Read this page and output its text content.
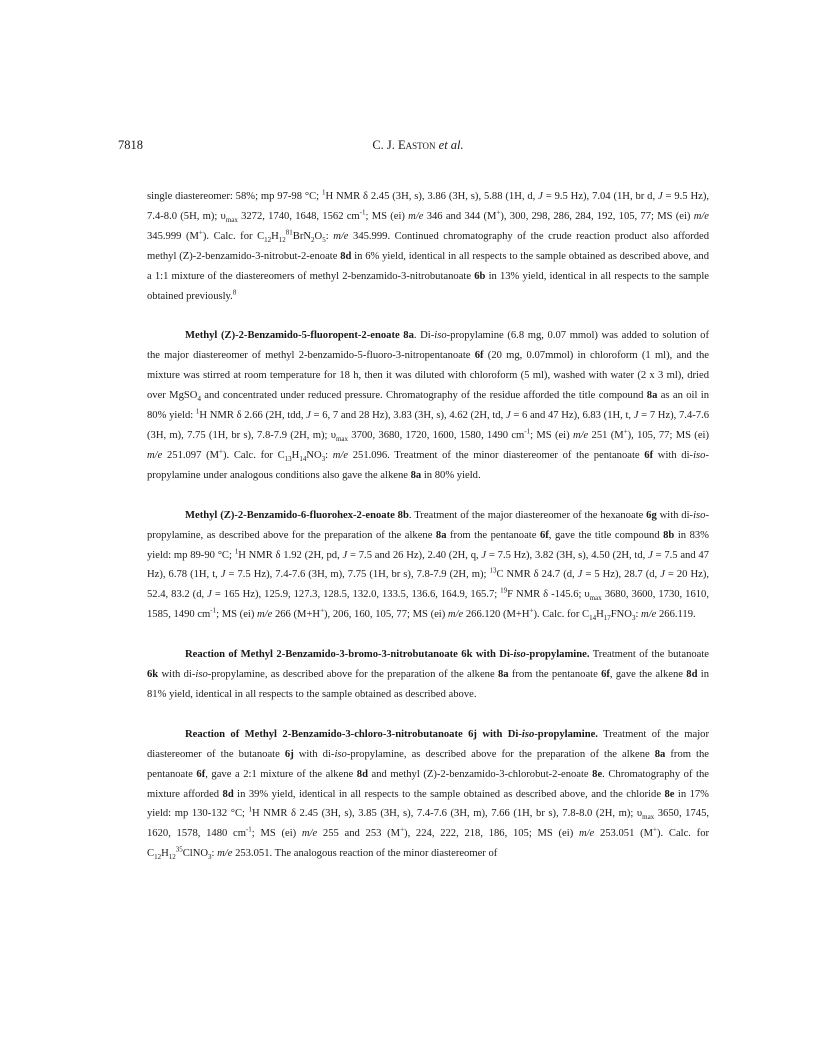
7818	C. J. Easton et al.

single diastereomer: 58%; mp 97-98 °C; $^1$H NMR δ 2.45 (3H, s), 3.86 (3H, s), 5.88 (1H, d, J = 9.5 Hz), 7.04 (1H, br d, J = 9.5 Hz), 7.4-8.0 (5H, m); $\upsilon_{max}$ 3272, 1740, 1648, 1562 $cm^{-1}$; MS (ei) m/e 346 and 344 (M+), 300, 298, 286, 284, 192, 105, 77; MS (ei) m/e 345.999 (M+). Calc. for $C_{12}H_{12}^{81}BrN_2O_5$: m/e 345.999. Continued chromatography of the crude reaction product also afforded methyl (Z)-2-benzamido-3-nitrobut-2-enoate 8d in 6% yield, identical in all respects to the sample obtained as described above, and a 1:1 mixture of the diastereomers of methyl 2-benzamido-3-nitrobutanoate 6b in 13% yield, identical in all respects to the sample obtained previously.$^8$

Methyl (Z)-2-Benzamido-5-fluoropent-2-enoate 8a. Di-iso-propylamine (6.8 mg, 0.07 mmol) was added to solution of the major diastereomer of methyl 2-benzamido-5-fluoro-3-nitropentanoate 6f (20 mg, 0.07mmol) in chloroform (1 ml), and the mixture was stirred at room temperature for 18 h, then it was diluted with chloroform (5 ml), washed with water (2 x 3 ml), dried over MgSO$_4$ and concentrated under reduced pressure. Chromatography of the residue afforded the title compound 8a as an oil in 80% yield: $^1$H NMR δ 2.66 (2H, tdd, J = 6, 7 and 28 Hz), 3.83 (3H, s), 4.62 (2H, td, J = 6 and 47 Hz), 6.83 (1H, t, J = 7 Hz), 7.4-7.6 (3H, m), 7.75 (1H, br s), 7.8-7.9 (2H, m); $\upsilon_{max}$ 3700, 3680, 1720, 1600, 1580, 1490 $cm^{-1}$; MS (ei) m/e 251 (M+), 105, 77; MS (ei) m/e 251.097 (M+). Calc. for $C_{13}H_{14}NO_3$: m/e 251.096. Treatment of the minor diastereomer of the pentanoate 6f with di-iso-propylamine under analogous conditions also gave the alkene 8a in 80% yield.

Methyl (Z)-2-Benzamido-6-fluorohex-2-enoate 8b. Treatment of the major diastereomer of the hexanoate 6g with di-iso-propylamine, as described above for the preparation of the alkene 8a from the pentanoate 6f, gave the title compound 8b in 83% yield: mp 89-90 °C; $^1$H NMR δ 1.92 (2H, pd, J = 7.5 and 26 Hz), 2.40 (2H, q, J = 7.5 Hz), 3.82 (3H, s), 4.50 (2H, td, J = 7.5 and 47 Hz), 6.78 (1H, t, J = 7.5 Hz), 7.4-7.6 (3H, m), 7.75 (1H, br s), 7.8-7.9 (2H, m); $^{13}$C NMR δ 24.7 (d, J = 5 Hz), 28.7 (d, J = 20 Hz), 52.4, 83.2 (d, J = 165 Hz), 125.9, 127.3, 128.5, 132.0, 133.5, 136.6, 164.9, 165.7; $^{19}$F NMR δ -145.6; $\upsilon_{max}$ 3680, 3600, 1730, 1610, 1585, 1490 $cm^{-1}$; MS (ei) m/e 266 (M+H+), 206, 160, 105, 77; MS (ei) m/e 266.120 (M+H+). Calc. for $C_{14}H_{17}FNO_3$: m/e 266.119.

Reaction of Methyl 2-Benzamido-3-bromo-3-nitrobutanoate 6k with Di-iso-propylamine. Treatment of the butanoate 6k with di-iso-propylamine, as described above for the preparation of the alkene 8a from the pentanoate 6f, gave the alkene 8d in 81% yield, identical in all respects to the sample obtained as described above.

Reaction of Methyl 2-Benzamido-3-chloro-3-nitrobutanoate 6j with Di-iso-propylamine. Treatment of the major diastereomer of the butanoate 6j with di-iso-propylamine, as described above for the preparation of the alkene 8a from the pentanoate 6f, gave a 2:1 mixture of the alkene 8d and methyl (Z)-2-benzamido-3-chlorobut-2-enoate 8e. Chromatography of the mixture afforded 8d in 39% yield, identical in all respects to the sample obtained as described above, and the chloride 8e in 17% yield: mp 130-132 °C; $^1$H NMR δ 2.45 (3H, s), 3.85 (3H, s), 7.4-7.6 (3H, m), 7.66 (1H, br s), 7.8-8.0 (2H, m); $\upsilon_{max}$ 3650, 1745, 1620, 1578, 1480 $cm^{-1}$; MS (ei) m/e 255 and 253 (M+), 224, 222, 218, 186, 105; MS (ei) m/e 253.051 (M+). Calc. for $C_{12}H_{12}^{35}ClNO_3$: m/e 253.051. The analogous reaction of the minor diastereomer of
